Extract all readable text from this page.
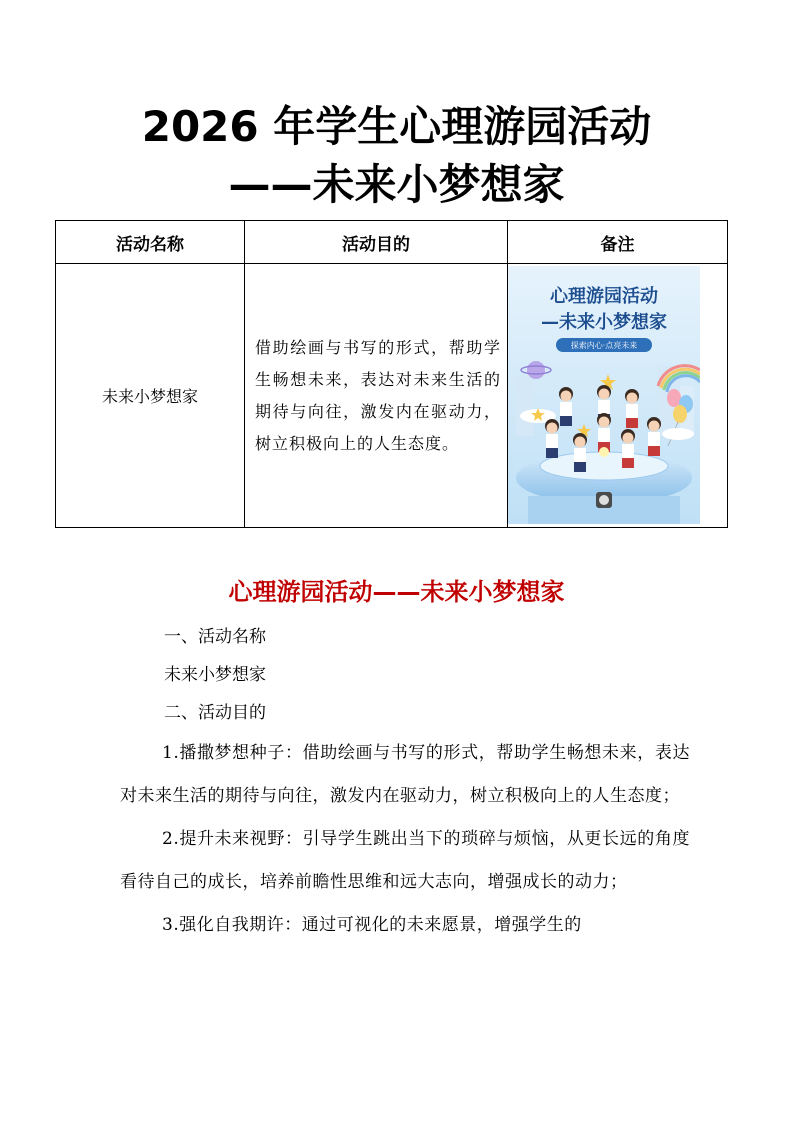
2026 年学生心理游园活动
——未来小梦想家
活动名称	活动目的	备注
未来小梦想家	借助绘画与书写的形式，帮助学生畅想未来，表达对未来生活的期待与向往，激发内在驱动力，树立积极向上的人生态度。	心理游园活动
—未来小梦想家
探索内心·点亮未来
心理游园活动——未来小梦想家
一、活动名称
未来小梦想家
二、活动目的

1.播撒梦想种子：借助绘画与书写的形式，帮助学生畅想未来，表达对未来生活的期待与向往，激发内在驱动力，树立积极向上的人生态度；

2.提升未来视野：引导学生跳出当下的琐碎与烦恼，从更长远的角度看待自己的成长，培养前瞻性思维和远大志向，增强成长的动力；

3.强化自我期许：通过可视化的未来愿景，增强学生的
